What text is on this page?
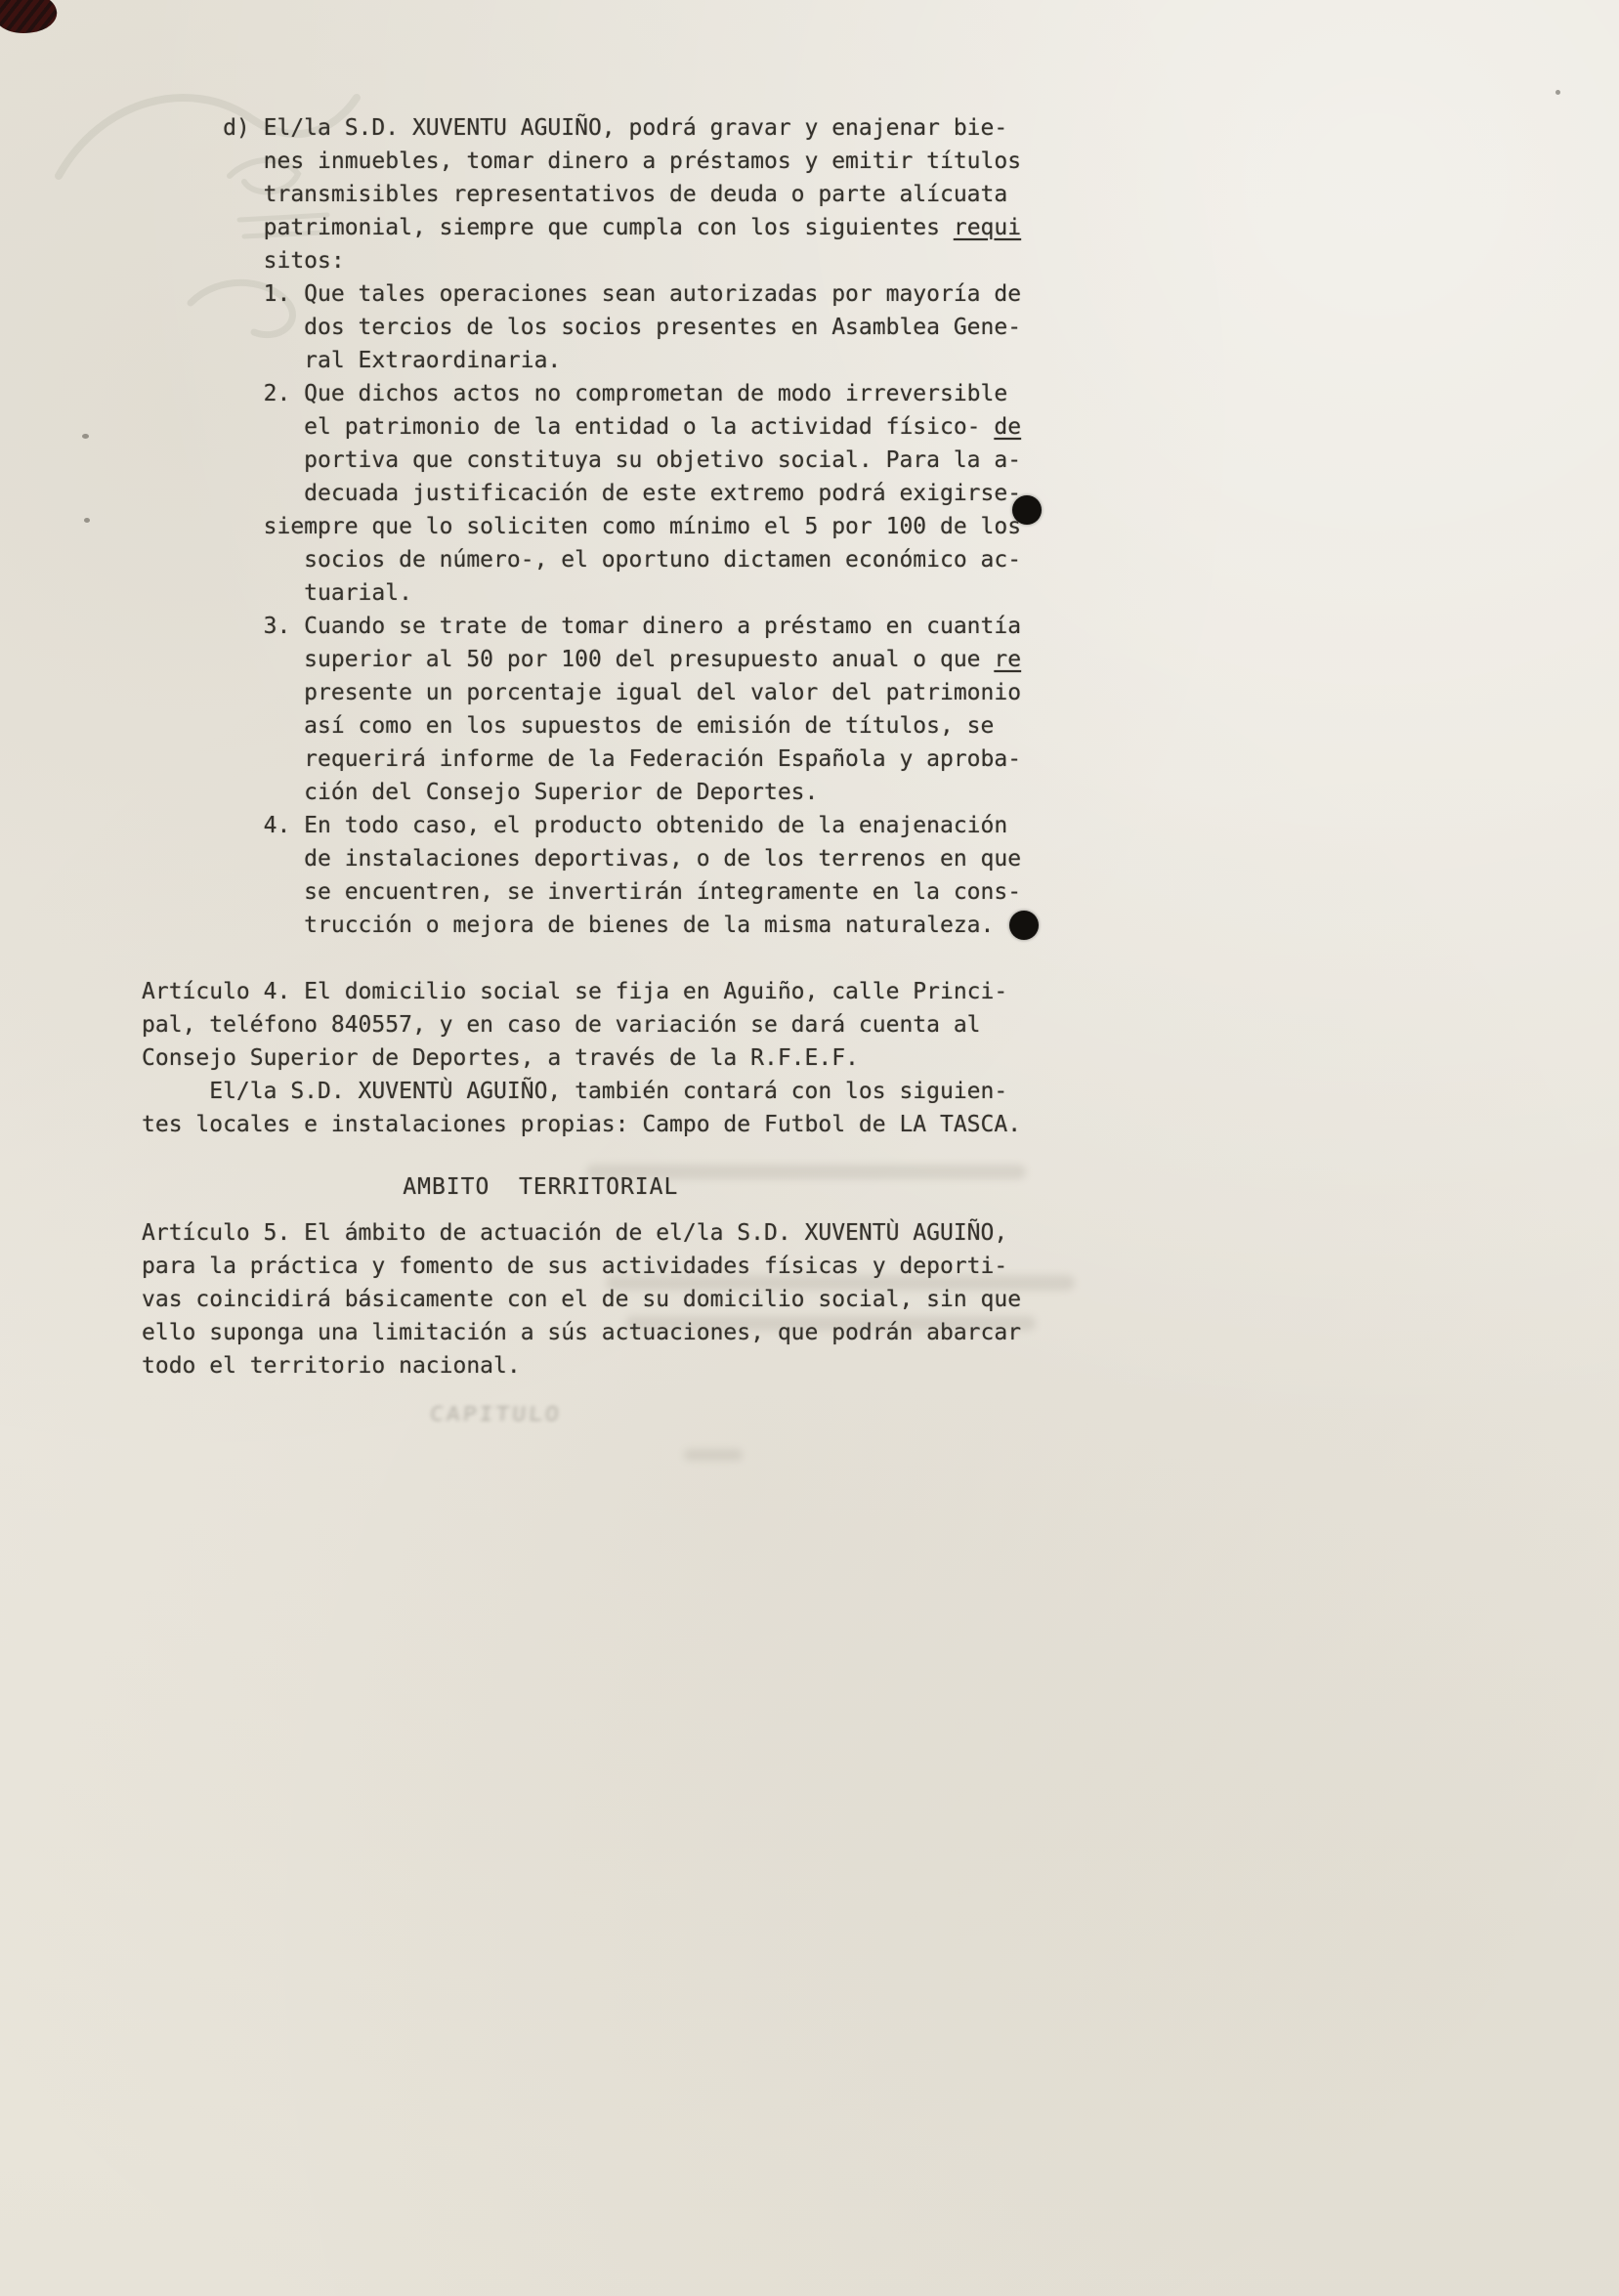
d) El/la S.D. XUVENTU AGUIÑO, podrá gravar y enajenar bie-
nes inmuebles, tomar dinero a préstamos y emitir títulos
transmisibles representativos de deuda o parte alícuata
patrimonial, siempre que cumpla con los siguientes requi
sitos:
1. Que tales operaciones sean autorizadas por mayoría de
dos tercios de los socios presentes en Asamblea Gene-
ral Extraordinaria.
2. Que dichos actos no comprometan de modo irreversible
el patrimonio de la entidad o la actividad físico- de
portiva que constituya su objetivo social. Para la a-
decuada justificación de este extremo podrá exigirse-
siempre que lo soliciten como mínimo el 5 por 100 de los
socios de número-, el oportuno dictamen económico ac-
tuarial.
3. Cuando se trate de tomar dinero a préstamo en cuantía
superior al 50 por 100 del presupuesto anual o que re
presente un porcentaje igual del valor del patrimonio
así como en los supuestos de emisión de títulos, se
requerirá informe de la Federación Española y aproba-
ción del Consejo Superior de Deportes.
4. En todo caso, el producto obtenido de la enajenación
de instalaciones deportivas, o de los terrenos en que
se encuentren, se invertirán íntegramente en la cons-
trucción o mejora de bienes de la misma naturaleza.
Artículo 4. El domicilio social se fija en Aguiño, calle Princi-
pal, teléfono 840557, y en caso de variación se dará cuenta al
Consejo Superior de Deportes, a través de la R.F.E.F.
El/la S.D. XUVENTÙ AGUIÑO, también contará con los siguien-
tes locales e instalaciones propias: Campo de Futbol de LA TASCA.
AMBITO  TERRITORIAL
Artículo 5. El ámbito de actuación de el/la S.D. XUVENTÙ AGUIÑO,
para la práctica y fomento de sus actividades físicas y deporti-
vas coincidirá básicamente con el de su domicilio social, sin que
ello suponga una limitación a sús actuaciones, que podrán abarcar
todo el territorio nacional.
CAPITULO
